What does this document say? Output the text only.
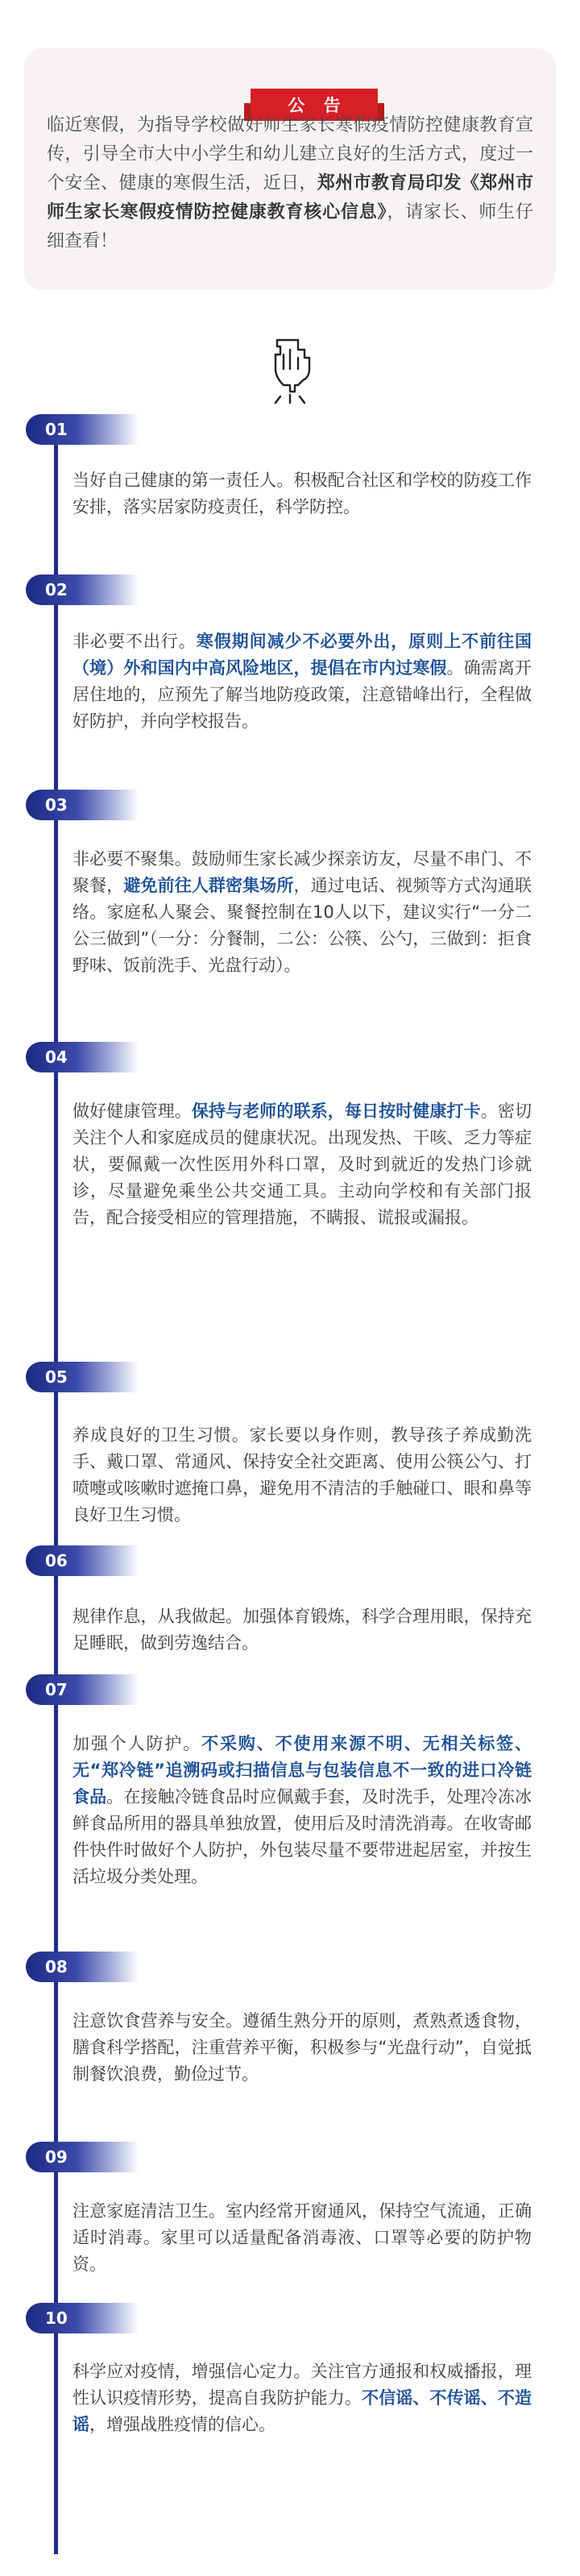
公 告
临近寒假，为指导学校做好师生家长寒假疫情防控健康教育宣传，引导全市大中小学生和幼儿建立良好的生活方式，度过一个安全、健康的寒假生活，近日，郑州市教育局印发《郑州市师生家长寒假疫情防控健康教育核心信息》，请家长、师生仔细查看！
01
当好自己健康的第一责任人。积极配合社区和学校的防疫工作安排，落实居家防疫责任，科学防控。
02
非必要不出行。寒假期间减少不必要外出，原则上不前往国（境）外和国内中高风险地区，提倡在市内过寒假。确需离开居住地的，应预先了解当地防疫政策，注意错峰出行，全程做好防护，并向学校报告。
03
非必要不聚集。鼓励师生家长减少探亲访友，尽量不串门、不聚餐，避免前往人群密集场所，通过电话、视频等方式沟通联络。家庭私人聚会、聚餐控制在10人以下，建议实行“一分二公三做到”（一分：分餐制，二公：公筷、公勺，三做到：拒食野味、饭前洗手、光盘行动）。
04
做好健康管理。保持与老师的联系，每日按时健康打卡。密切关注个人和家庭成员的健康状况。出现发热、干咳、乏力等症状，要佩戴一次性医用外科口罩，及时到就近的发热门诊就诊，尽量避免乘坐公共交通工具。主动向学校和有关部门报告，配合接受相应的管理措施，不瞒报、谎报或漏报。
05
养成良好的卫生习惯。家长要以身作则，教导孩子养成勤洗手、戴口罩、常通风、保持安全社交距离、使用公筷公勺、打喷嚏或咳嗽时遮掩口鼻，避免用不清洁的手触碰口、眼和鼻等良好卫生习惯。
06
规律作息，从我做起。加强体育锻炼，科学合理用眼，保持充足睡眠，做到劳逸结合。
07
加强个人防护。不采购、不使用来源不明、无相关标签、无“郑冷链”追溯码或扫描信息与包装信息不一致的进口冷链食品。在接触冷链食品时应佩戴手套，及时洗手，处理冷冻冰鲜食品所用的器具单独放置，使用后及时清洗消毒。在收寄邮件快件时做好个人防护，外包装尽量不要带进起居室，并按生活垃圾分类处理。
08
注意饮食营养与安全。遵循生熟分开的原则，煮熟煮透食物，膳食科学搭配，注重营养平衡，积极参与“光盘行动”，自觉抵制餐饮浪费，勤俭过节。
09
注意家庭清洁卫生。室内经常开窗通风，保持空气流通，正确适时消毒。家里可以适量配备消毒液、口罩等必要的防护物资。
10
科学应对疫情，增强信心定力。关注官方通报和权威播报，理性认识疫情形势，提高自我防护能力。不信谣、不传谣、不造谣，增强战胜疫情的信心。
